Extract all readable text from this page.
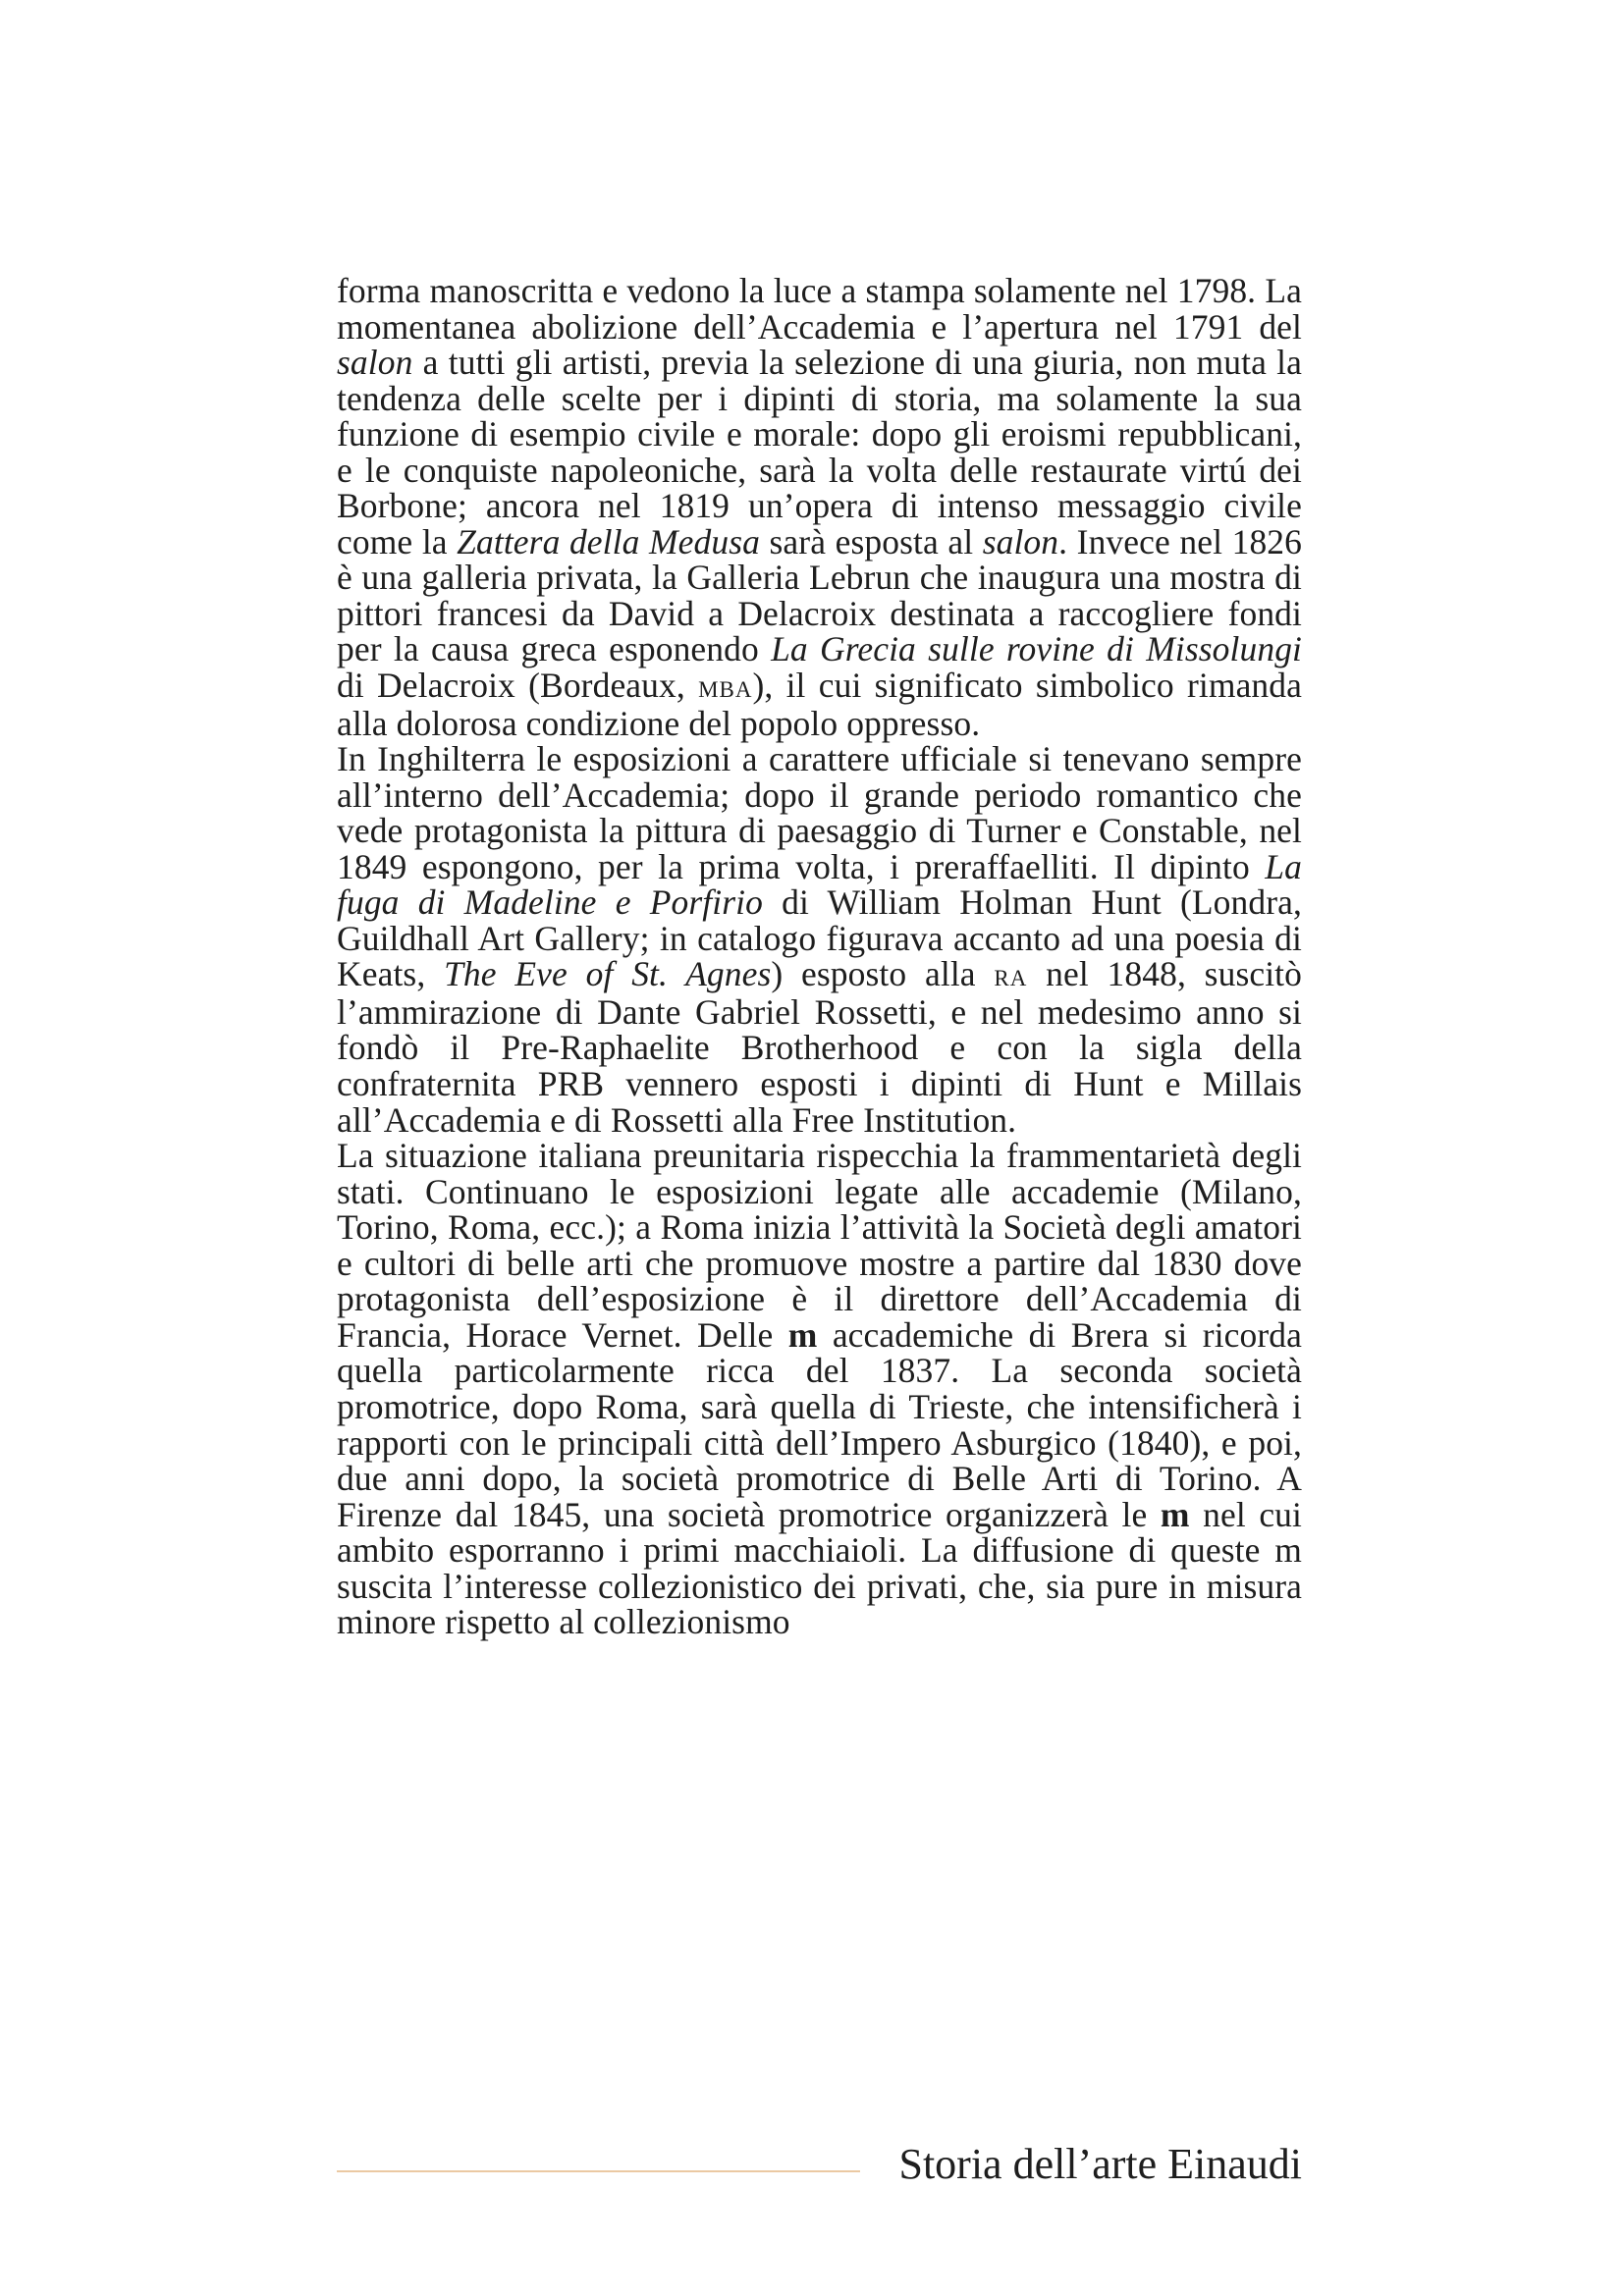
forma manoscritta e vedono la luce a stampa solamente nel 1798. La momentanea abolizione dell’Accademia e l’apertura nel 1791 del salon a tutti gli artisti, previa la selezione di una giuria, non muta la tendenza delle scelte per i dipinti di storia, ma solamente la sua funzione di esempio civile e morale: dopo gli eroismi repubblicani, e le conquiste napoleoniche, sarà la volta delle restaurate virtú dei Borbone; ancora nel 1819 un’opera di intenso messaggio civile come la Zattera della Medusa sarà esposta al salon. Invece nel 1826 è una galleria privata, la Galleria Lebrun che inaugura una mostra di pittori francesi da David a Delacroix destinata a raccogliere fondi per la causa greca esponendo La Grecia sulle rovine di Missolungi di Delacroix (Bordeaux, mba), il cui significato simbolico rimanda alla dolorosa condizione del popolo oppresso.

In Inghilterra le esposizioni a carattere ufficiale si tenevano sempre all’interno dell’Accademia; dopo il grande periodo romantico che vede protagonista la pittura di paesaggio di Turner e Constable, nel 1849 espongono, per la prima volta, i preraffaelliti. Il dipinto La fuga di Madeline e Porfirio di William Holman Hunt (Londra, Guildhall Art Gallery; in catalogo figurava accanto ad una poesia di Keats, The Eve of St. Agnes) esposto alla ra nel 1848, suscitò l’ammirazione di Dante Gabriel Rossetti, e nel medesimo anno si fondò il Pre-Raphaelite Brotherhood e con la sigla della confraternita PRB vennero esposti i dipinti di Hunt e Millais all’Accademia e di Rossetti alla Free Institution.

La situazione italiana preunitaria rispecchia la frammentarietà degli stati. Continuano le esposizioni legate alle accademie (Milano, Torino, Roma, ecc.); a Roma inizia l’attività la Società degli amatori e cultori di belle arti che promuove mostre a partire dal 1830 dove protagonista dell’esposizione è il direttore dell’Accademia di Francia, Horace Vernet. Delle m accademiche di Brera si ricorda quella particolarmente ricca del 1837. La seconda società promotrice, dopo Roma, sarà quella di Trieste, che intensificherà i rapporti con le principali città dell’Impero Asburgico (1840), e poi, due anni dopo, la società promotrice di Belle Arti di Torino. A Firenze dal 1845, una società promotrice organizzerà le m nel cui ambito esporranno i primi macchiaioli. La diffusione di queste m suscita l’interesse collezionistico dei privati, che, sia pure in misura minore rispetto al collezionismo

Storia dell’arte Einaudi
